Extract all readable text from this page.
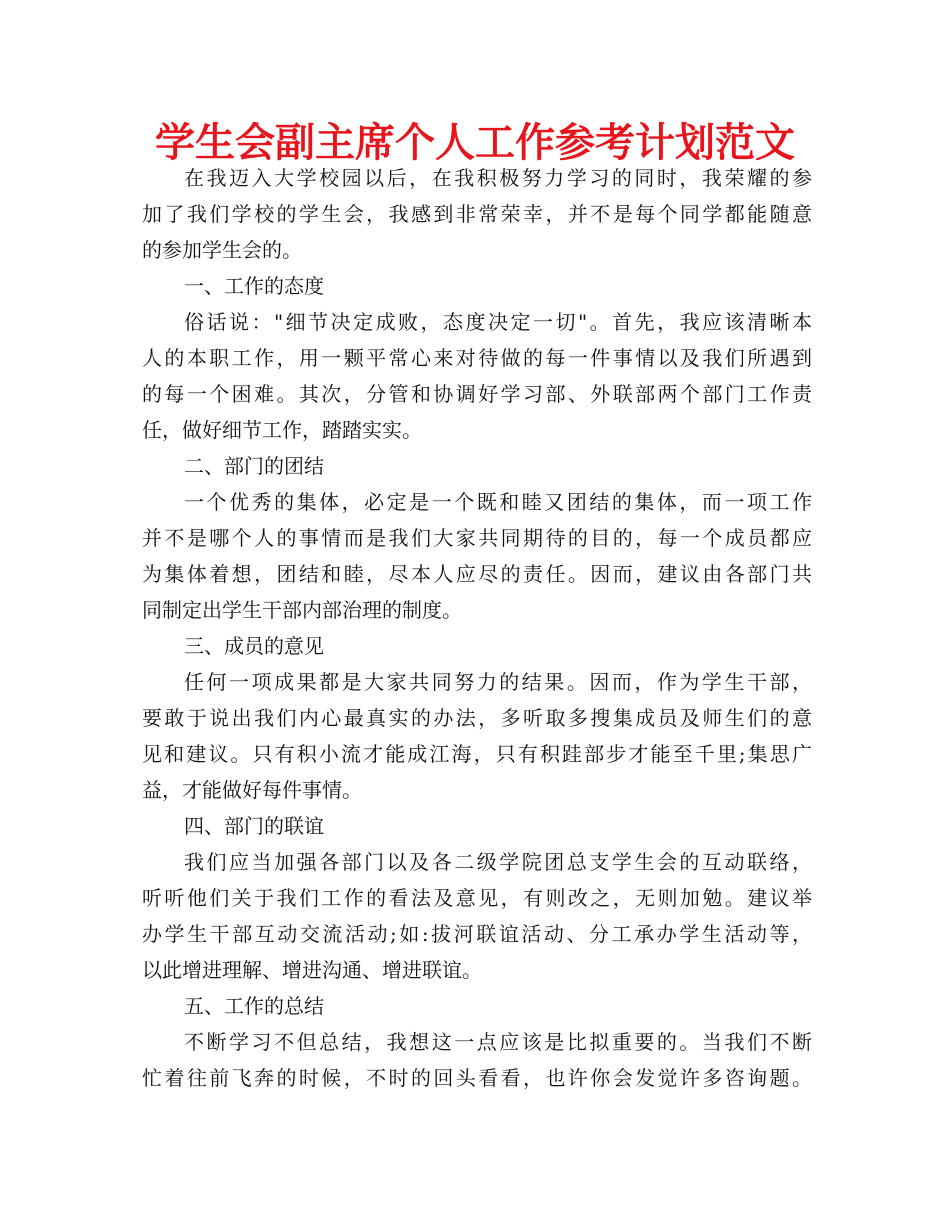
学生会副主席个人工作参考计划范文
在我迈入大学校园以后，在我积极努力学习的同时，我荣耀的参
加了我们学校的学生会，我感到非常荣幸，并不是每个同学都能随意
的参加学生会的。
一、工作的态度
俗话说："细节决定成败，态度决定一切"。首先，我应该清晰本
人的本职工作，用一颗平常心来对待做的每一件事情以及我们所遇到
的每一个困难。其次，分管和协调好学习部、外联部两个部门工作责
任，做好细节工作，踏踏实实。
二、部门的团结
一个优秀的集体，必定是一个既和睦又团结的集体，而一项工作
并不是哪个人的事情而是我们大家共同期待的目的，每一个成员都应
为集体着想，团结和睦，尽本人应尽的责任。因而，建议由各部门共
同制定出学生干部内部治理的制度。
三、成员的意见
任何一项成果都是大家共同努力的结果。因而，作为学生干部，
要敢于说出我们内心最真实的办法，多听取多搜集成员及师生们的意
见和建议。只有积小流才能成江海，只有积跬部步才能至千里;集思广
益，才能做好每件事情。
四、部门的联谊
我们应当加强各部门以及各二级学院团总支学生会的互动联络，
听听他们关于我们工作的看法及意见，有则改之，无则加勉。建议举
办学生干部互动交流活动;如:拔河联谊活动、分工承办学生活动等，
以此增进理解、增进沟通、增进联谊。
五、工作的总结
不断学习不但总结，我想这一点应该是比拟重要的。当我们不断
忙着往前飞奔的时候，不时的回头看看，也许你会发觉许多咨询题。
